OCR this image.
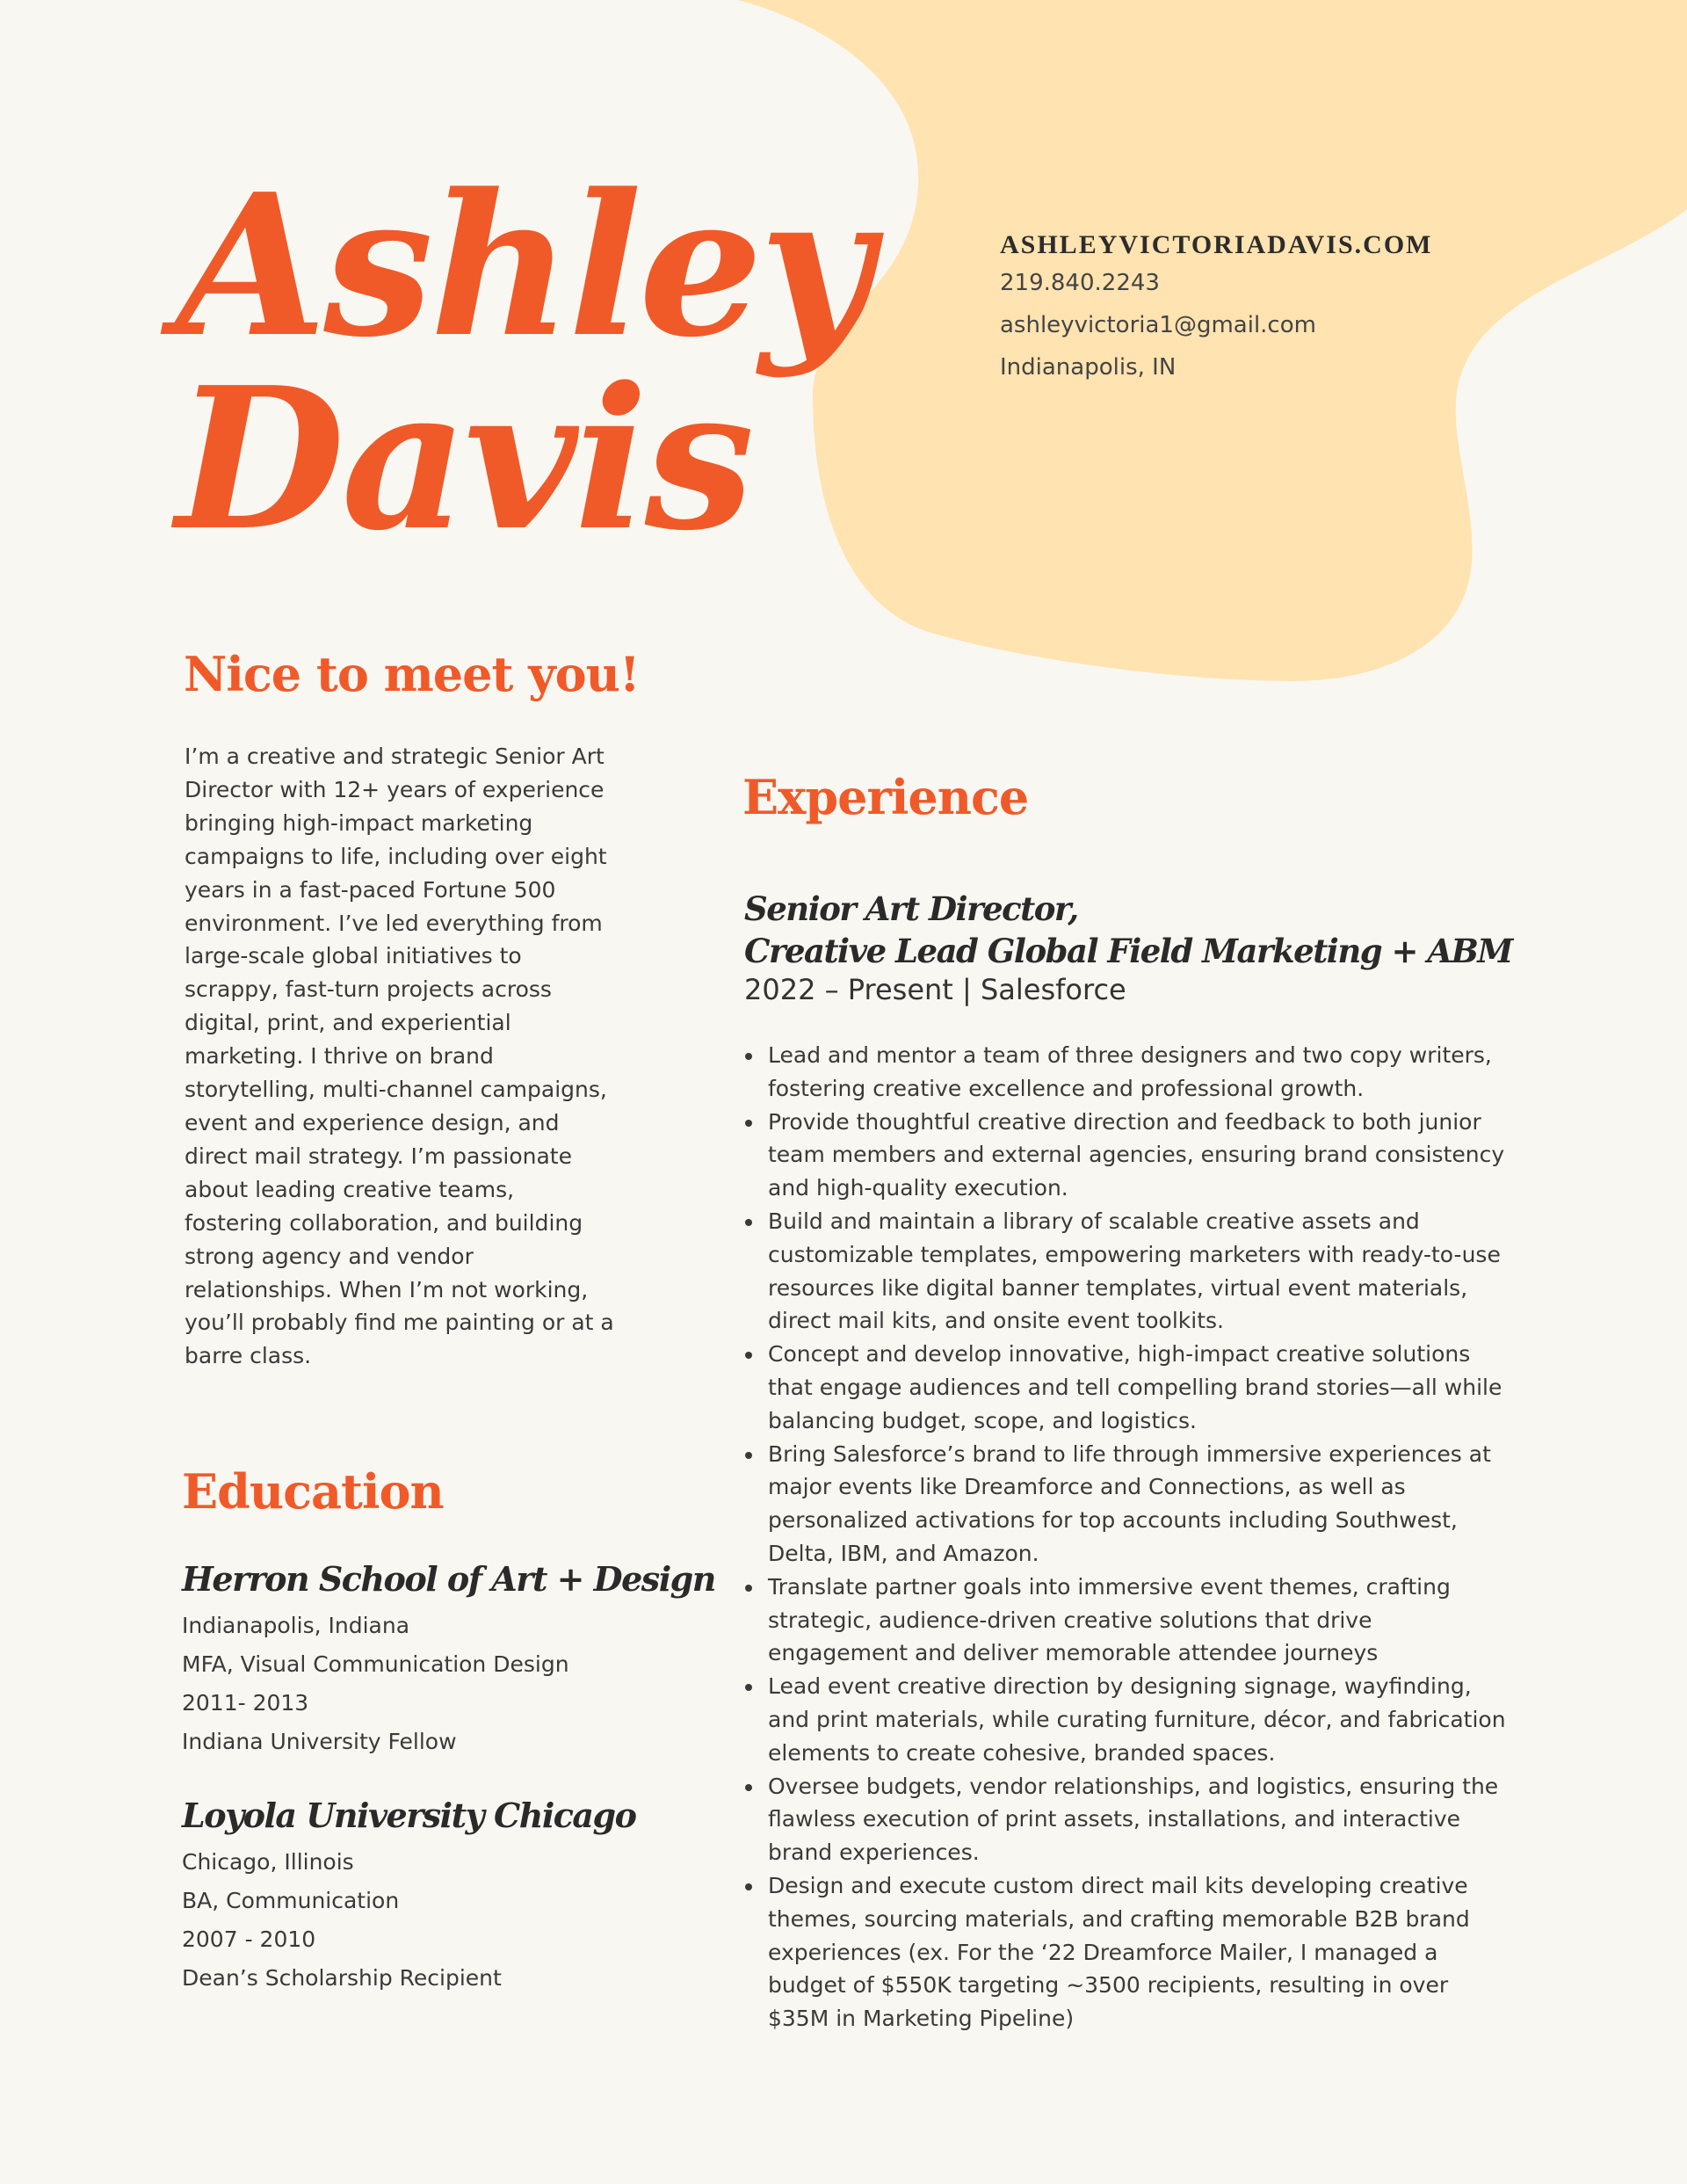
Ashley
Davis
ASHLEYVICTORIADAVIS.COM
219.840.2243
ashleyvictoria1@gmail.com
Indianapolis, IN
Nice to meet you!

I’m a creative and strategic Senior Art Director with 12+ years of experience bringing high-impact marketing campaigns to life, including over eight years in a fast-paced Fortune 500 environment. I’ve led everything from large-scale global initiatives to scrappy, fast-turn projects across digital, print, and experiential marketing. I thrive on brand storytelling, multi-channel campaigns, event and experience design, and direct mail strategy. I’m passionate about leading creative teams, fostering collaboration, and building strong agency and vendor relationships. When I’m not working, you’ll probably find me painting or at a barre class.

Education
Herron School of Art + Design
Indianapolis, Indiana
MFA, Visual Communication Design
2011- 2013
Indiana University Fellow
Loyola University Chicago
Chicago, Illinois
BA, Communication
2007 - 2010
Dean’s Scholarship Recipient
Experience
Senior Art Director,
Creative Lead Global Field Marketing + ABM
2022 – Present | Salesforce
Lead and mentor a team of three designers and two copy writers, fostering creative excellence and professional growth.
Provide thoughtful creative direction and feedback to both junior team members and external agencies, ensuring brand consistency and high-quality execution.
Build and maintain a library of scalable creative assets and customizable templates, empowering marketers with ready-to-use resources like digital banner templates, virtual event materials, direct mail kits, and onsite event toolkits.
Concept and develop innovative, high-impact creative solutions that engage audiences and tell compelling brand stories—all while balancing budget, scope, and logistics.
Bring Salesforce’s brand to life through immersive experiences at major events like Dreamforce and Connections, as well as personalized activations for top accounts including Southwest, Delta, IBM, and Amazon.
Translate partner goals into immersive event themes, crafting strategic, audience-driven creative solutions that drive engagement and deliver memorable attendee journeys
Lead event creative direction by designing signage, wayfinding, and print materials, while curating furniture, décor, and fabrication elements to create cohesive, branded spaces.
Oversee budgets, vendor relationships, and logistics, ensuring the flawless execution of print assets, installations, and interactive brand experiences.
Design and execute custom direct mail kits developing creative themes, sourcing materials, and crafting memorable B2B brand experiences (ex. For the ‘22 Dreamforce Mailer, I managed a budget of $550K targeting ~3500 recipients, resulting in over $35M in Marketing Pipeline)
